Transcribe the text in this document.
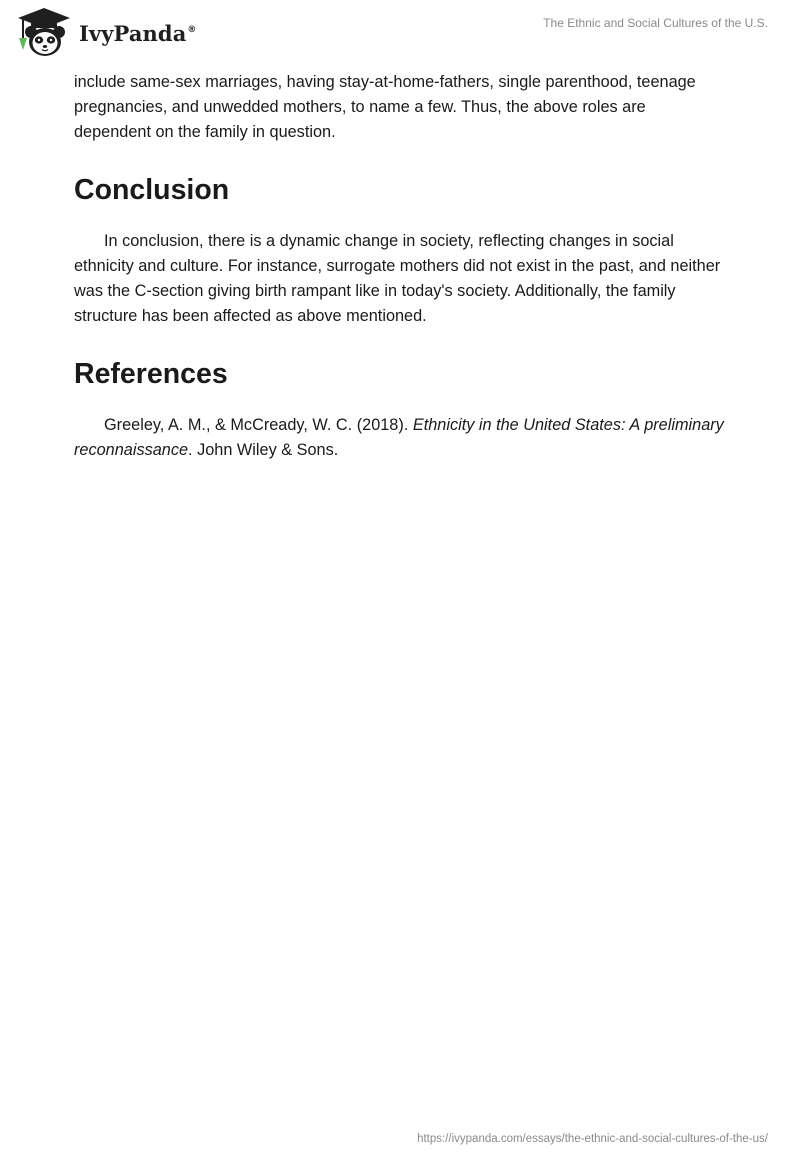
IvyPanda®	The Ethnic and Social Cultures of the U.S.

include same-sex marriages, having stay-at-home-fathers, single parenthood, teenage pregnancies, and unwedded mothers, to name a few. Thus, the above roles are dependent on the family in question.

Conclusion

In conclusion, there is a dynamic change in society, reflecting changes in social ethnicity and culture. For instance, surrogate mothers did not exist in the past, and neither was the C-section giving birth rampant like in today's society. Additionally, the family structure has been affected as above mentioned.

References

Greeley, A. M., & McCready, W. C. (2018). Ethnicity in the United States: A preliminary reconnaissance. John Wiley & Sons.

https://ivypanda.com/essays/the-ethnic-and-social-cultures-of-the-us/
